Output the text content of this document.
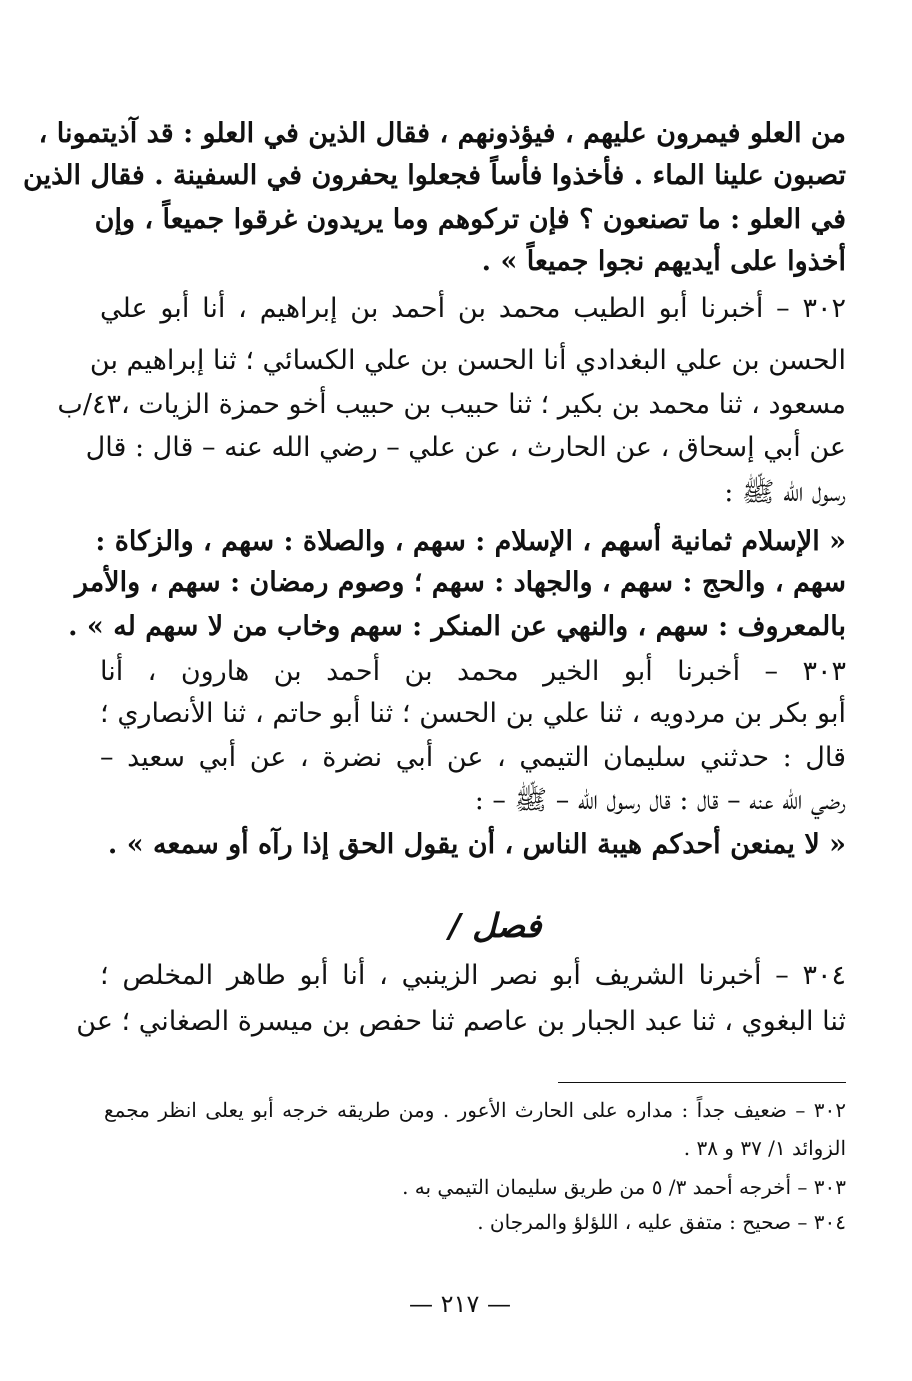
من العلو فيمرون عليهم ، فيؤذونهم ، فقال الذين في العلو : قد آذيتمونا ،
تصبون علينا الماء . فأخذوا فأساً فجعلوا يحفرون في السفينة . فقال الذين
في العلو : ما تصنعون ؟ فإن تركوهم وما يريدون غرقوا جميعاً ، وإن
أخذوا على أيديهم نجوا جميعاً » .
٣٠٢ – أخبرنا أبو الطيب محمد بن أحمد بن إبراهيم ، أنا أبو علي
الحسن بن علي البغدادي أنا الحسن بن علي الكسائي ؛ ثنا إبراهيم بن
مسعود ، ثنا محمد بن بكير ؛ ثنا حبيب بن حبيب أخو حمزة الزيات ،٤٣/ب
عن أبي إسحاق ، عن الحارث ، عن علي – رضي الله عنه – قال : قال
رسول الله ﷺ :
« الإسلام ثمانية أسهم ، الإسلام : سهم ، والصلاة : سهم ، والزكاة :
سهم ، والحج : سهم ، والجهاد : سهم ؛ وصوم رمضان : سهم ، والأمر
بالمعروف : سهم ، والنهي عن المنكر : سهم وخاب من لا سهم له » .
٣٠٣ – أخبرنا أبو الخير محمد بن أحمد بن هارون ، أنا
أبو بكر بن مردويه ، ثنا علي بن الحسن ؛ ثنا أبو حاتم ، ثنا الأنصاري ؛
قال : حدثني سليمان التيمي ، عن أبي نضرة ، عن أبي سعيد –
رضي الله عنه – قال : قال رسول الله – ﷺ – :
« لا يمنعن أحدكم هيبة الناس ، أن يقول الحق إذا رآه أو سمعه » .
٣٠٤ – أخبرنا الشريف أبو نصر الزينبي ، أنا أبو طاهر المخلص ؛
ثنا البغوي ، ثنا عبد الجبار بن عاصم ثنا حفص بن ميسرة الصغاني ؛ عن
فصل /
٣٠٢ – ضعيف جداً : مداره على الحارث الأعور . ومن طريقه خرجه أبو يعلى انظر مجمع
الزوائد ١/ ٣٧ و ٣٨ .
٣٠٣ – أخرجه أحمد ٣/ ٥ من طريق سليمان التيمي به .
٣٠٤ – صحيح : متفق عليه ، اللؤلؤ والمرجان .
— ٢١٧ —
